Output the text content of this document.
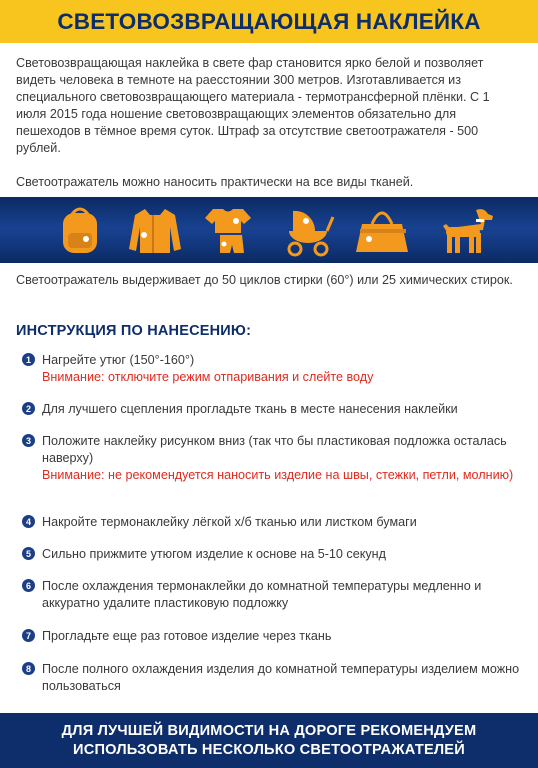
СВЕТОВОЗВРАЩАЮЩАЯ НАКЛЕЙКА

Световозвращающая наклейка в свете фар становится ярко белой и позволяет видеть человека в темноте на раесстоянии 300 метров. Изготавливается из специального световозвращающего материала - термотрансферной плёнки. С 1 июля 2015 года ношение световозвращающих элементов обязательно для пешеходов в тёмное время суток. Штраф за отсутствие светоотражателя - 500 рублей.

Светоотражатель можно наносить практически на все виды тканей.

Светоотражатель выдерживает до 50 циклов стирки (60°) или 25 химических стирок.
ИНСТРУКЦИЯ ПО НАНЕСЕНИЮ:
1 Нагрейте утюг (150°-160°)
Внимание: отключите режим отпаривания и слейте воду
2 Для лучшего сцепления прогладьте ткань в месте нанесения наклейки
3 Положите наклейку рисунком вниз (так что бы пластиковая подложка осталась наверху)
Внимание: не рекомендуется наносить изделие на швы, стежки, петли, молнию)
4 Накройте термонаклейку лёгкой х/б тканью или листком бумаги
5 Сильно прижмите утюгом изделие к основе на 5-10 секунд
6 После охлаждения термонаклейки до комнатной температуры медленно и аккуратно удалите пластиковую подложку
7 Прогладьте еще раз готовое изделие через ткань
8 После полного охлаждения изделия до комнатной температуры изделием можно пользоваться
ДЛЯ ЛУЧШЕЙ ВИДИМОСТИ НА ДОРОГЕ РЕКОМЕНДУЕМ
ИСПОЛЬЗОВАТЬ НЕСКОЛЬКО СВЕТООТРАЖАТЕЛЕЙ
